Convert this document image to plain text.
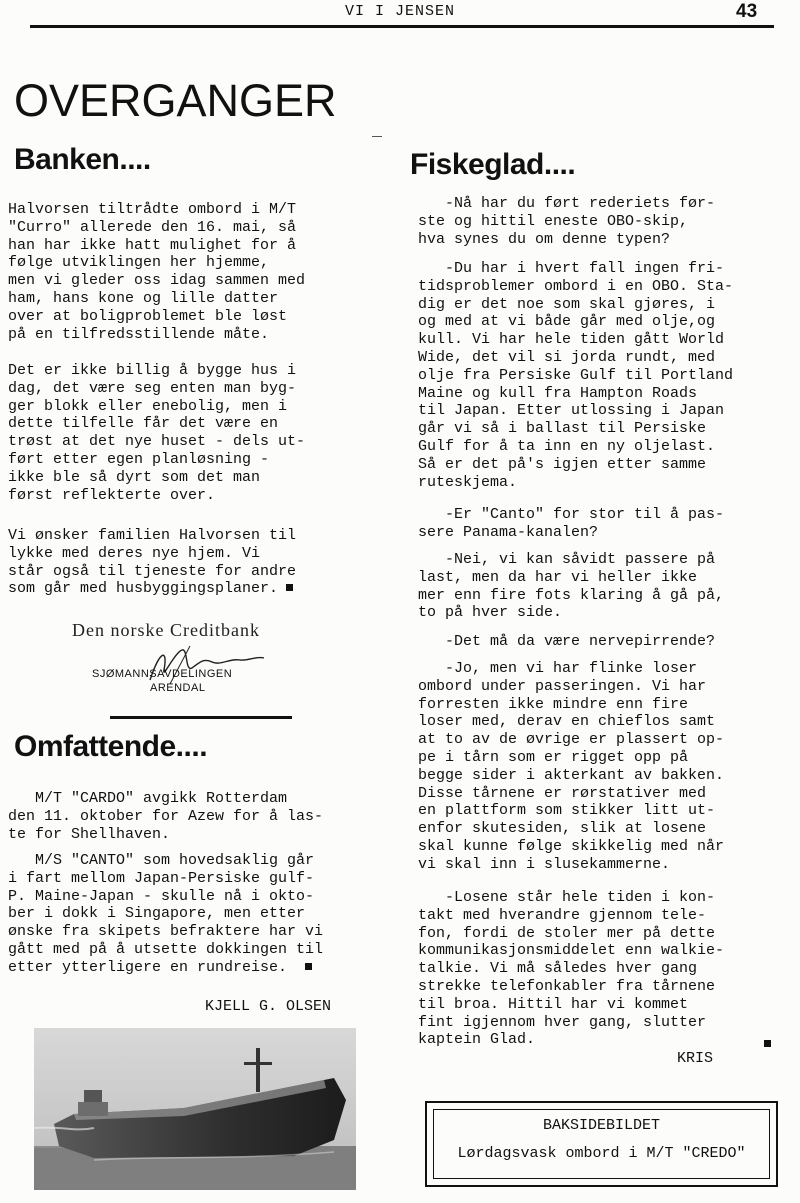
VI I JENSEN	43
OVERGANGER
Banken....

Halvorsen tiltrådte ombord i M/T
"Curro" allerede den 16. mai, så
han har ikke hatt mulighet for å
følge utviklingen her hjemme,
men vi gleder oss idag sammen med
ham, hans kone og lille datter
over at boligproblemet ble løst
på en tilfredsstillende måte.

Det er ikke billig å bygge hus i
dag, det være seg enten man byg-
ger blokk eller enebolig, men i
dette tilfelle får det være en
trøst at det nye huset - dels ut-
ført etter egen planløsning -
ikke ble så dyrt som det man
først reflekterte over.

Vi ønsker familien Halvorsen til
lykke med deres nye hjem. Vi
står også til tjeneste for andre
som går med husbyggingsplaner.

Den norske Creditbank
SJØMANNSAVDELINGEN
ARENDAL
Omfattende....

M/T "CARDO" avgikk Rotterdam
den 11. oktober for Azew for å las-
te for Shellhaven.

M/S "CANTO" som hovedsaklig går
i fart mellom Japan-Persiske gulf-
P. Maine-Japan - skulle nå i okto-
ber i dokk i Singapore, men etter
ønske fra skipets befraktere har vi
gått med på å utsette dokkingen til
etter ytterligere en rundreise.

KJELL G. OLSEN
Fiskeglad....

-Nå har du ført rederiets før-
ste og hittil eneste OBO-skip,
hva synes du om denne typen?

-Du har i hvert fall ingen fri-
tidsproblemer ombord i en OBO. Sta-
dig er det noe som skal gjøres, i
og med at vi både går med olje,og
kull. Vi har hele tiden gått World
Wide, det vil si jorda rundt, med
olje fra Persiske Gulf til Portland
Maine og kull fra Hampton Roads
til Japan. Etter utlossing i Japan
går vi så i ballast til Persiske
Gulf for å ta inn en ny oljelast.
Så er det på's igjen etter samme
ruteskjema.

-Er "Canto" for stor til å pas-
sere Panama-kanalen?

-Nei, vi kan såvidt passere på
last, men da har vi heller ikke
mer enn fire fots klaring å gå på,
to på hver side.

-Det må da være nervepirrende?

-Jo, men vi har flinke loser
ombord under passeringen. Vi har
forresten ikke mindre enn fire
loser med, derav en chieflos samt
at to av de øvrige er plassert op-
pe i tårn som er rigget opp på
begge sider i akterkant av bakken.
Disse tårnene er rørstativer med
en plattform som stikker litt ut-
enfor skutesiden, slik at losene
skal kunne følge skikkelig med når
vi skal inn i slusekammerne.

-Losene står hele tiden i kon-
takt med hverandre gjennom tele-
fon, fordi de stoler mer på dette
kommunikasjonsmiddelet enn walkie-
talkie. Vi må således hver gang
strekke telefonkabler fra tårnene
til broa. Hittil har vi kommet
fint igjennom hver gang, slutter
kaptein Glad.

KRIS
BAKSIDEBILDET
Lørdagsvask ombord i M/T "CREDO"
